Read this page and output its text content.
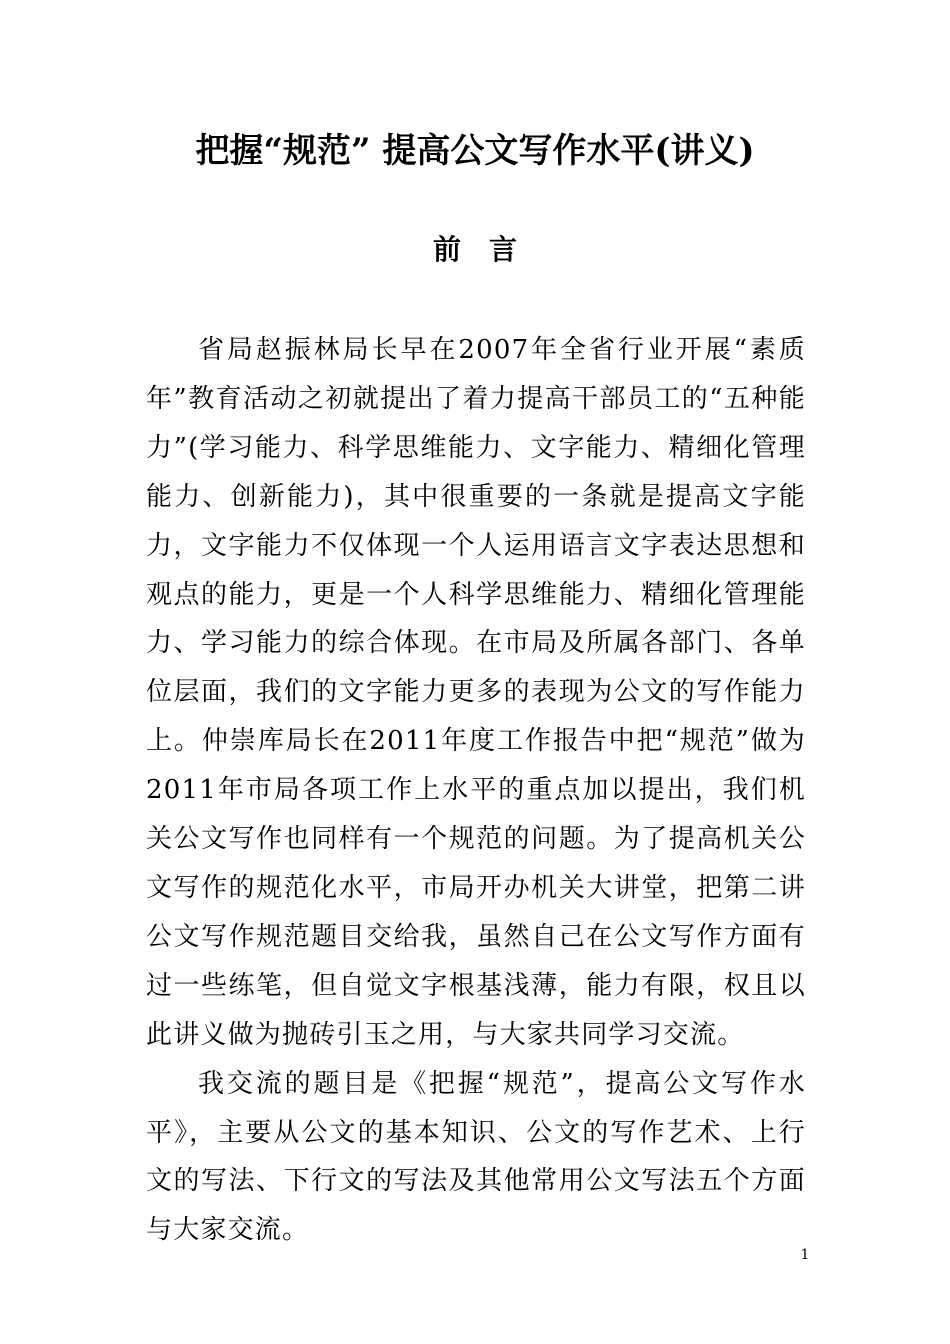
把握“规范” 提高公文写作水平(讲义)
前言

省局赵振林局长早在2007年全省行业开展“素质年”教育活动之初就提出了着力提高干部员工的“五种能力”(学习能力、科学思维能力、文字能力、精细化管理能力、创新能力)，其中很重要的一条就是提高文字能力，文字能力不仅体现一个人运用语言文字表达思想和观点的能力，更是一个人科学思维能力、精细化管理能力、学习能力的综合体现。在市局及所属各部门、各单位层面，我们的文字能力更多的表现为公文的写作能力上。仲崇库局长在2011年度工作报告中把“规范”做为2011年市局各项工作上水平的重点加以提出，我们机关公文写作也同样有一个规范的问题。为了提高机关公文写作的规范化水平，市局开办机关大讲堂，把第二讲公文写作规范题目交给我，虽然自己在公文写作方面有过一些练笔，但自觉文字根基浅薄，能力有限，权且以此讲义做为抛砖引玉之用，与大家共同学习交流。

我交流的题目是《把握“规范”，提高公文写作水平》，主要从公文的基本知识、公文的写作艺术、上行文的写法、下行文的写法及其他常用公文写法五个方面与大家交流。

1
